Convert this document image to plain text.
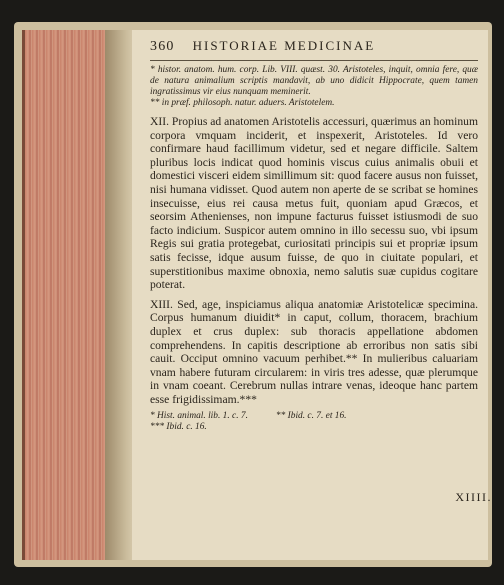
360 HISTORIAE MEDICINAE

* histor. anatom. hum. corp. Lib. VIII. quæst. 30. Aristoteles, inquit, omnia fere, quæ de natura animalium scriptis mandavit, ab uno didicit Hippocrate, quem tamen ingratissimus vir eius nunquam meminerit.

** in præf. philosoph. natur. aduers. Aristotelem.

XII. Propius ad anatomen Aristotelis accessuri, quærimus an hominum corpora vmquam inciderit, et inspexerit, Aristoteles. Id vero confirmare haud facillimum videtur, sed et negare difficile. Saltem pluribus locis indicat quod hominis viscus cuius animalis obuii et domestici visceri eidem simillimum sit: quod facere ausus non fuisset, nisi humana vidisset. Quod autem non aperte de se scribat se homines insecuisse, eius rei causa metus fuit, quoniam apud Græcos, et seorsim Athenienses, non impune facturus fuisset istiusmodi de suo facto indicium. Suspicor autem omnino in illo secessu suo, vbi ipsum Regis sui gratia protegebat, curiositati principis sui et propriæ ipsum satis fecisse, idque ausum fuisse, de quo in ciuitate populari, et superstitionibus maxime obnoxia, nemo salutis suæ cupidus cogitare poterat.

XIII. Sed, age, inspiciamus aliqua anatomiæ Aristotelicæ specimina. Corpus humanum diuidit* in caput, collum, thoracem, brachium duplex et crus duplex: sub thoracis appellatione abdomen comprehendens. In capitis descriptione ab erroribus non satis sibi cauit. Occiput omnino vacuum perhibet.** In mulieribus caluariam vnam habere futuram circularem: in viris tres adesse, quæ plerumque in vnam coeant. Cerebrum nullas intrare venas, ideoque hanc partem esse frigidissimam.***

* Hist. animal. lib. 1. c. 7.	** Ibid. c. 7. et 16.
*** Ibid. c. 16.
XIIII.
